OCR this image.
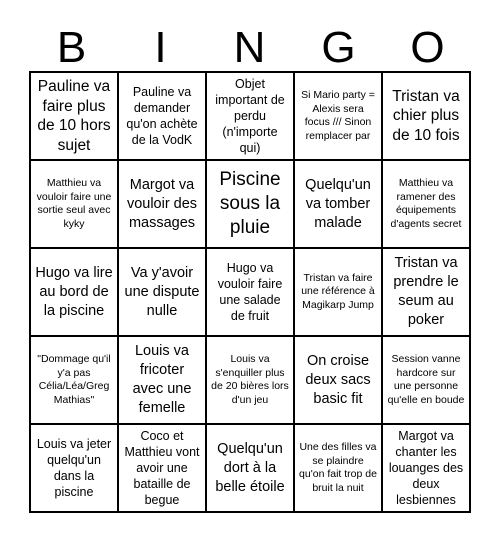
B	I	N	G	O
Pauline va faire plus de 10 hors sujet
Pauline va demander qu'on achète de la VodK
Objet important de perdu (n'importe qui)
Si Mario party = Alexis sera focus /// Sinon remplacer par
Tristan va chier plus de 10 fois
Matthieu va vouloir faire une sortie seul avec kyky
Margot va vouloir des massages
Piscine sous la pluie
Quelqu'un va tomber malade
Matthieu va ramener des équipements d'agents secret
Hugo va lire au bord de la piscine
Va y'avoir une dispute nulle
Hugo va vouloir faire une salade de fruit
Tristan va faire une référence à Magikarp Jump
Tristan va prendre le seum au poker
"Dommage qu'il y'a pas Célia/Léa/Greg Mathias"
Louis va fricoter avec une femelle
Louis va s'enquiller plus de 20 bières lors d'un jeu
On croise deux sacs basic fit
Session vanne hardcore sur une personne qu'elle en boude
Louis va jeter quelqu'un dans la piscine
Coco et Matthieu vont avoir une bataille de begue
Quelqu'un dort à la belle étoile
Une des filles va se plaindre qu'on fait trop de bruit la nuit
Margot va chanter les louanges des deux lesbiennes
